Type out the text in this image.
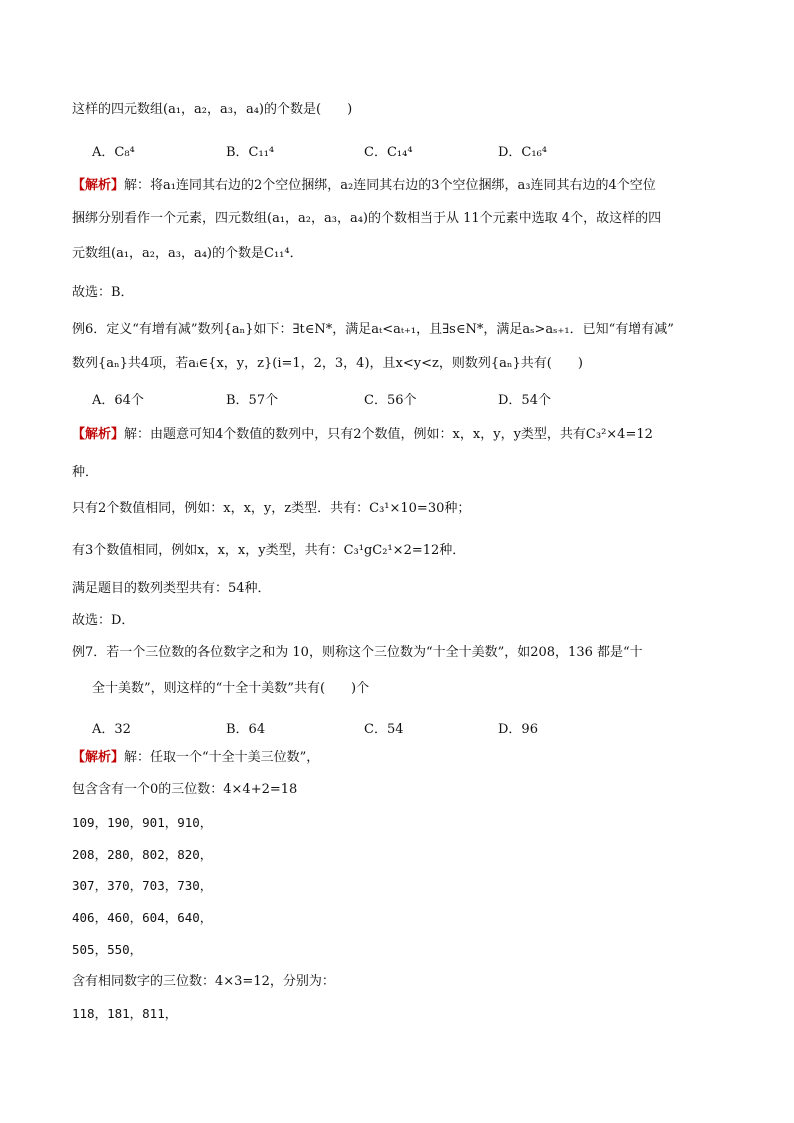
这样的四元数组(a₁，a₂，a₃，a₄)的个数是(　　)
A．C₈⁴	B．C₁₁⁴	C．C₁₄⁴	D．C₁₆⁴
【解析】解：将a₁连同其右边的2个空位捆绑，a₂连同其右边的3个空位捆绑，a₃连同其右边的4个空位
捆绑分别看作一个元素，四元数组(a₁，a₂，a₃，a₄)的个数相当于从 11个元素中选取 4个，故这样的四
元数组(a₁，a₂，a₃，a₄)的个数是C₁₁⁴．
故选：B．
例6．定义“有增有减”数列{aₙ}如下：∃t∈N*，满足aₜ<aₜ₊₁，且∃s∈N*，满足aₛ>aₛ₊₁．已知“有增有减”
数列{aₙ}共4项，若aᵢ∈{x，y，z}(i=1，2，3，4)，且x<y<z，则数列{aₙ}共有(　　)
A．64个	B．57个	C．56个	D．54个
【解析】解：由题意可知4个数值的数列中，只有2个数值，例如：x，x，y，y类型，共有C₃²×4=12
种．
只有2个数值相同，例如：x，x，y，z类型．共有：C₃¹×10=30种；
有3个数值相同，例如x，x，x，y类型，共有：C₃¹gC₂¹×2=12种．
满足题目的数列类型共有：54种．
故选：D．
例7．若一个三位数的各位数字之和为 10，则称这个三位数为“十全十美数”，如208，136 都是“十
全十美数”，则这样的“十全十美数”共有(　　)个
A．32	B．64	C．54	D．96
【解析】解：任取一个“十全十美三位数”，
包含含有一个0的三位数：4×4+2=18
109，190，901，910，
208，280，802，820，
307，370，703，730，
406，460，604，640，
505，550，
含有相同数字的三位数：4×3=12，分别为：
118，181，811，
